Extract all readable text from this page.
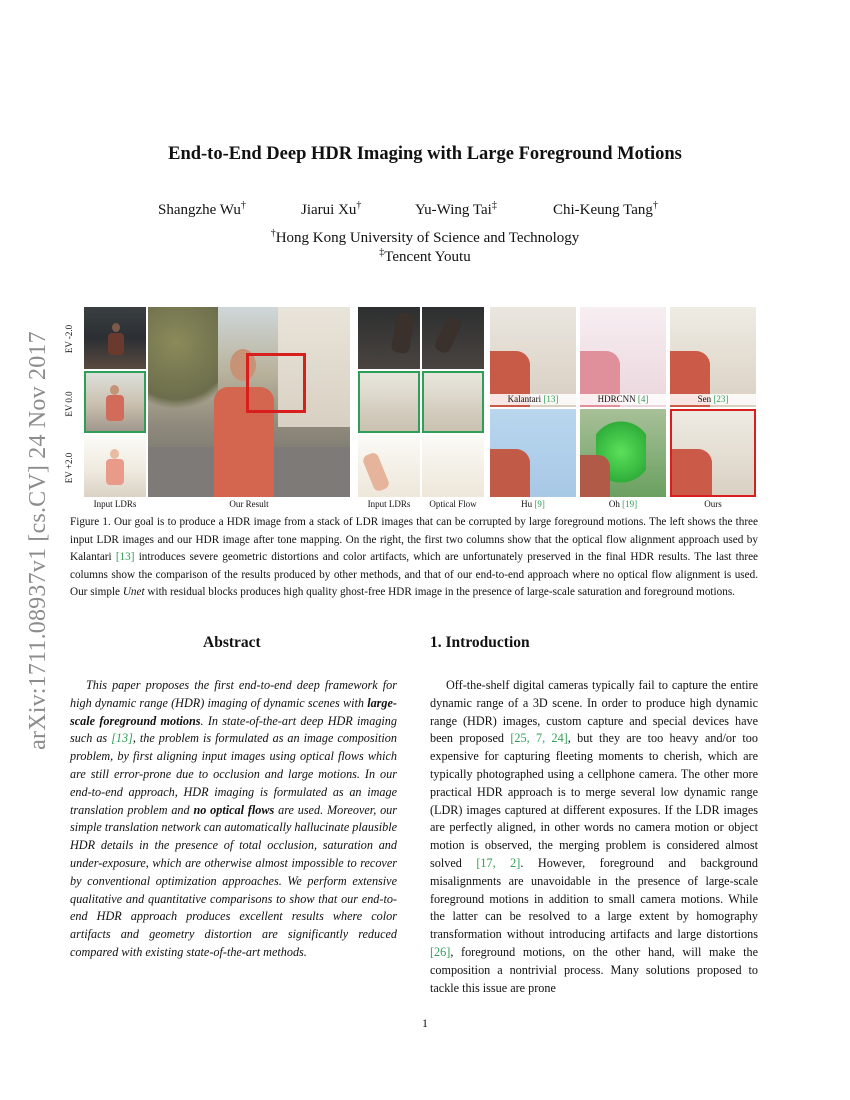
arXiv:1711.08937v1 [cs.CV] 24 Nov 2017
End-to-End Deep HDR Imaging with Large Foreground Motions
Shangzhe Wu†	Jiarui Xu†	Yu-Wing Tai‡	Chi-Keung Tang†
†Hong Kong University of Science and Technology
‡Tencent Youtu
EV -2.0
EV 0.0
EV +2.0
Kalantari [13]	HDRCNN [4]	Sen [23]
Input LDRs	Our Result	Input LDRs	Optical Flow	Hu [9]	Oh [19]	Ours

Figure 1. Our goal is to produce a HDR image from a stack of LDR images that can be corrupted by large foreground motions. The left shows the three input LDR images and our HDR image after tone mapping. On the right, the first two columns show that the optical flow alignment approach used by Kalantari [13] introduces severe geometric distortions and color artifacts, which are unfortunately preserved in the final HDR results. The last three columns show the comparison of the results produced by other methods, and that of our end-to-end approach where no optical flow alignment is used. Our simple Unet with residual blocks produces high quality ghost-free HDR image in the presence of large-scale saturation and foreground motions.

Abstract

This paper proposes the first end-to-end deep framework for high dynamic range (HDR) imaging of dynamic scenes with large-scale foreground motions. In state-of-the-art deep HDR imaging such as [13], the problem is formulated as an image composition problem, by first aligning input images using optical flows which are still error-prone due to occlusion and large motions. In our end-to-end approach, HDR imaging is formulated as an image translation problem and no optical flows are used. Moreover, our simple translation network can automatically hallucinate plausible HDR details in the presence of total occlusion, saturation and under-exposure, which are otherwise almost impossible to recover by conventional optimization approaches. We perform extensive qualitative and quantitative comparisons to show that our end-to-end HDR approach produces excellent results where color artifacts and geometry distortion are significantly reduced compared with existing state-of-the-art methods.

1. Introduction

Off-the-shelf digital cameras typically fail to capture the entire dynamic range of a 3D scene. In order to produce high dynamic range (HDR) images, custom capture and special devices have been proposed [25, 7, 24], but they are too heavy and/or too expensive for capturing fleeting moments to cherish, which are typically photographed using a cellphone camera. The other more practical HDR approach is to merge several low dynamic range (LDR) images captured at different exposures. If the LDR images are perfectly aligned, in other words no camera motion or object motion is observed, the merging problem is considered almost solved [17, 2]. However, foreground and background misalignments are unavoidable in the presence of large-scale foreground motions in addition to small camera motions. While the latter can be resolved to a large extent by homography transformation without introducing artifacts and large distortions [26], foreground motions, on the other hand, will make the composition a nontrivial process. Many solutions proposed to tackle this issue are prone

1
